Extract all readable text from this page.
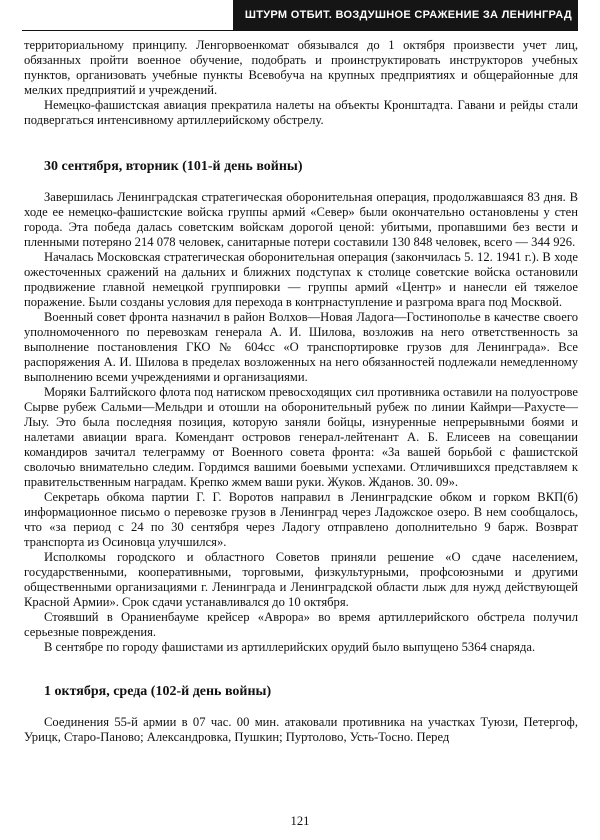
ШТУРМ ОТБИТ. ВОЗДУШНОЕ СРАЖЕНИЕ ЗА ЛЕНИНГРАД

территориальному принципу. Ленгорвоенкомат обязывался до 1 октября произвести учет лиц, обязанных пройти военное обучение, подобрать и проинструктировать инструкторов учебных пунктов, организовать учебные пункты Всевобуча на крупных предприятиях и общерайонные для мелких предприятий и учреждений.

Немецко-фашистская авиация прекратила налеты на объекты Кронштадта. Гавани и рейды стали подвергаться интенсивному артиллерийскому обстрелу.

30 сентября, вторник (101-й день войны)

Завершилась Ленинградская стратегическая оборонительная операция, продолжавшаяся 83 дня. В ходе ее немецко-фашистские войска группы армий «Север» были окончательно остановлены у стен города. Эта победа далась советским войскам дорогой ценой: убитыми, пропавшими без вести и пленными потеряно 214 078 человек, санитарные потери составили 130 848 человек, всего — 344 926.

Началась Московская стратегическая оборонительная операция (закончилась 5. 12. 1941 г.). В ходе ожесточенных сражений на дальних и ближних подступах к столице советские войска остановили продвижение главной немецкой группировки — группы армий «Центр» и нанесли ей тяжелое поражение. Были созданы условия для перехода в контрнаступление и разгрома врага под Москвой.

Военный совет фронта назначил в район Волхов—Новая Ладога—Гостинополье в качестве своего уполномоченного по перевозкам генерала А. И. Шилова, возложив на него ответственность за выполнение постановления ГКО № 604сс «О транспортировке грузов для Ленинграда». Все распоряжения А. И. Шилова в пределах возложенных на него обязанностей подлежали немедленному выполнению всеми учреждениями и организациями.

Моряки Балтийского флота под натиском превосходящих сил противника оставили на полуострове Сырве рубеж Сальми—Мельдри и отошли на оборонительный рубеж по линии Каймри—Рахусте—Лыу. Это была последняя позиция, которую заняли бойцы, изнуренные непрерывными боями и налетами авиации врага. Комендант островов генерал-лейтенант А. Б. Елисеев на совещании командиров зачитал телеграмму от Военного совета фронта: «За вашей борьбой с фашистской сволочью внимательно следим. Гордимся вашими боевыми успехами. Отличившихся представляем к правительственным наградам. Крепко жмем ваши руки. Жуков. Жданов. 30. 09».

Секретарь обкома партии Г. Г. Воротов направил в Ленинградские обком и горком ВКП(б) информационное письмо о перевозке грузов в Ленинград через Ладожское озеро. В нем сообщалось, что «за период с 24 по 30 сентября через Ладогу отправлено дополнительно 9 барж. Возврат транспорта из Осиновца улучшился».

Исполкомы городского и областного Советов приняли решение «О сдаче населением, государственными, кооперативными, торговыми, физкультурными, профсоюзными и другими общественными организациями г. Ленинграда и Ленинградской области лыж для нужд действующей Красной Армии». Срок сдачи устанавливался до 10 октября.

Стоявший в Ораниенбауме крейсер «Аврора» во время артиллерийского обстрела получил серьезные повреждения.

В сентябре по городу фашистами из артиллерийских орудий было выпущено 5364 снаряда.

1 октября, среда (102-й день войны)

Соединения 55-й армии в 07 час. 00 мин. атаковали противника на участках Туюзи, Петергоф, Урицк, Старо-Паново; Александровка, Пушкин; Пуртолово, Усть-Тосно. Перед

121
